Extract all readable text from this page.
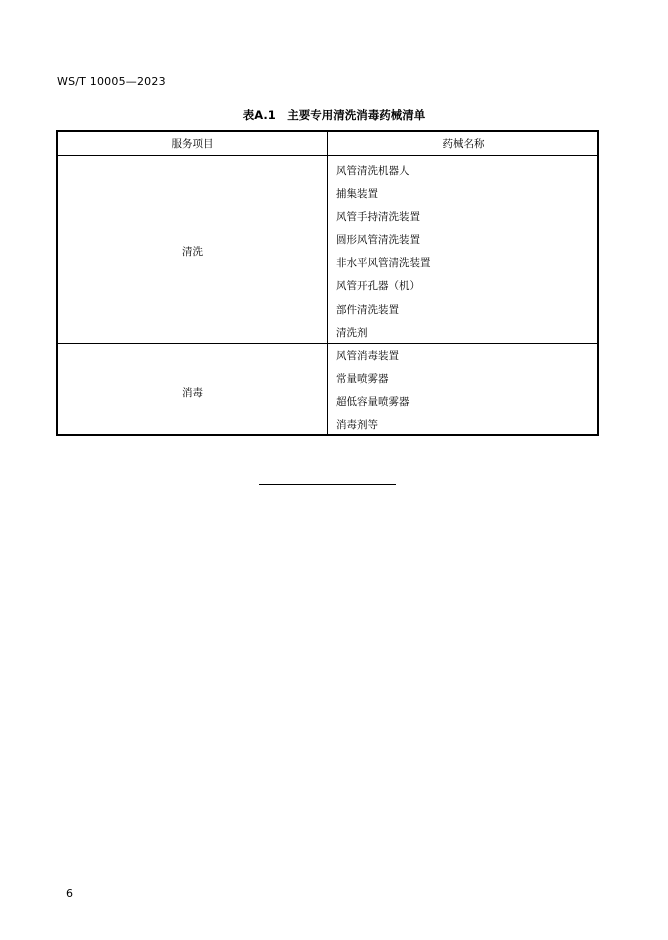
WS/T 10005—2023
表A.1　主要专用清洗消毒药械清单
服务项目	药械名称
清洗
风管清洗机器人
捕集装置
风管手持清洗装置
圆形风管清洗装置
非水平风管清洗装置
风管开孔器（机）
部件清洗装置
清洗剂
消毒
风管消毒装置
常量喷雾器
超低容量喷雾器
消毒剂等
6
